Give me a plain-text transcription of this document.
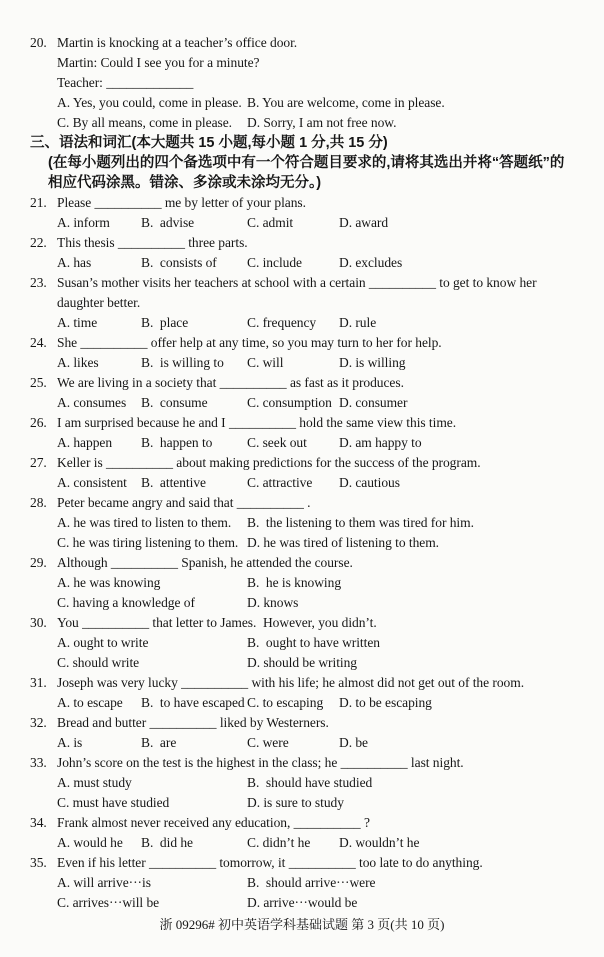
20. Martin is knocking at a teacher’s office door.
Martin: Could I see you for a minute?
Teacher: _____________
A. Yes, you could, come in please. B. You are welcome, come in please.
C. By all means, come in please.	D. Sorry, I am not free now.
三、语法和词汇(本大题共 15 小题,每小题 1 分,共 15 分)
(在每小题列出的四个备选项中有一个符合题目要求的,请将其选出并将“答题纸”的
相应代码涂黑。错涂、多涂或未涂均无分。)
21. Please __________ me by letter of your plans.
A. inform	B.  advise	C. admit	D. award
22. This thesis __________ three parts.
A. has	B.  consists of	C. include	D. excludes
23. Susan’s mother visits her teachers at school with a certain __________ to get to know her
daughter better.
A. time	B.  place	C. frequency	D. rule
24. She __________ offer help at any time, so you may turn to her for help.
A. likes	B.  is willing to	C. will	D. is willing
25. We are living in a society that __________ as fast as it produces.
A. consumes	B.  consume	C. consumption D. consumer
26. I am surprised because he and I __________ hold the same view this time.
A. happen	B.  happen to	C. seek out	D. am happy to
27. Keller is __________ about making predictions for the success of the program.
A. consistent	B.  attentive	C. attractive	D. cautious
28. Peter became angry and said that __________ .
A. he was tired to listen to them.	B.  the listening to them was tired for him.
C. he was tiring listening to them. D. he was tired of listening to them.
29. Although __________ Spanish, he attended the course.
A. he was knowing	B.  he is knowing
C. having a knowledge of	D. knows
30. You __________ that letter to James.  However, you didn’t.
A. ought to write	B.  ought to have written
C. should write	D. should be writing
31. Joseph was very lucky __________ with his life; he almost did not get out of the room.
A. to escape	B.  to have escaped C. to escaping	D. to be escaping
32. Bread and butter __________ liked by Westerners.
A. is	B.  are	C. were	D. be
33. John’s score on the test is the highest in the class; he __________ last night.
A. must study	B.  should have studied
C. must have studied	D. is sure to study
34. Frank almost never received any education, __________ ?
A. would he	B.  did he	C. didn’t he	D. wouldn’t he
35. Even if his letter __________ tomorrow, it __________ too late to do anything.
A. will arrive···is	B.  should arrive···were
C. arrives···will be	D. arrive···would be
浙 09296# 初中英语学科基础试题 第 3 页(共 10 页)
